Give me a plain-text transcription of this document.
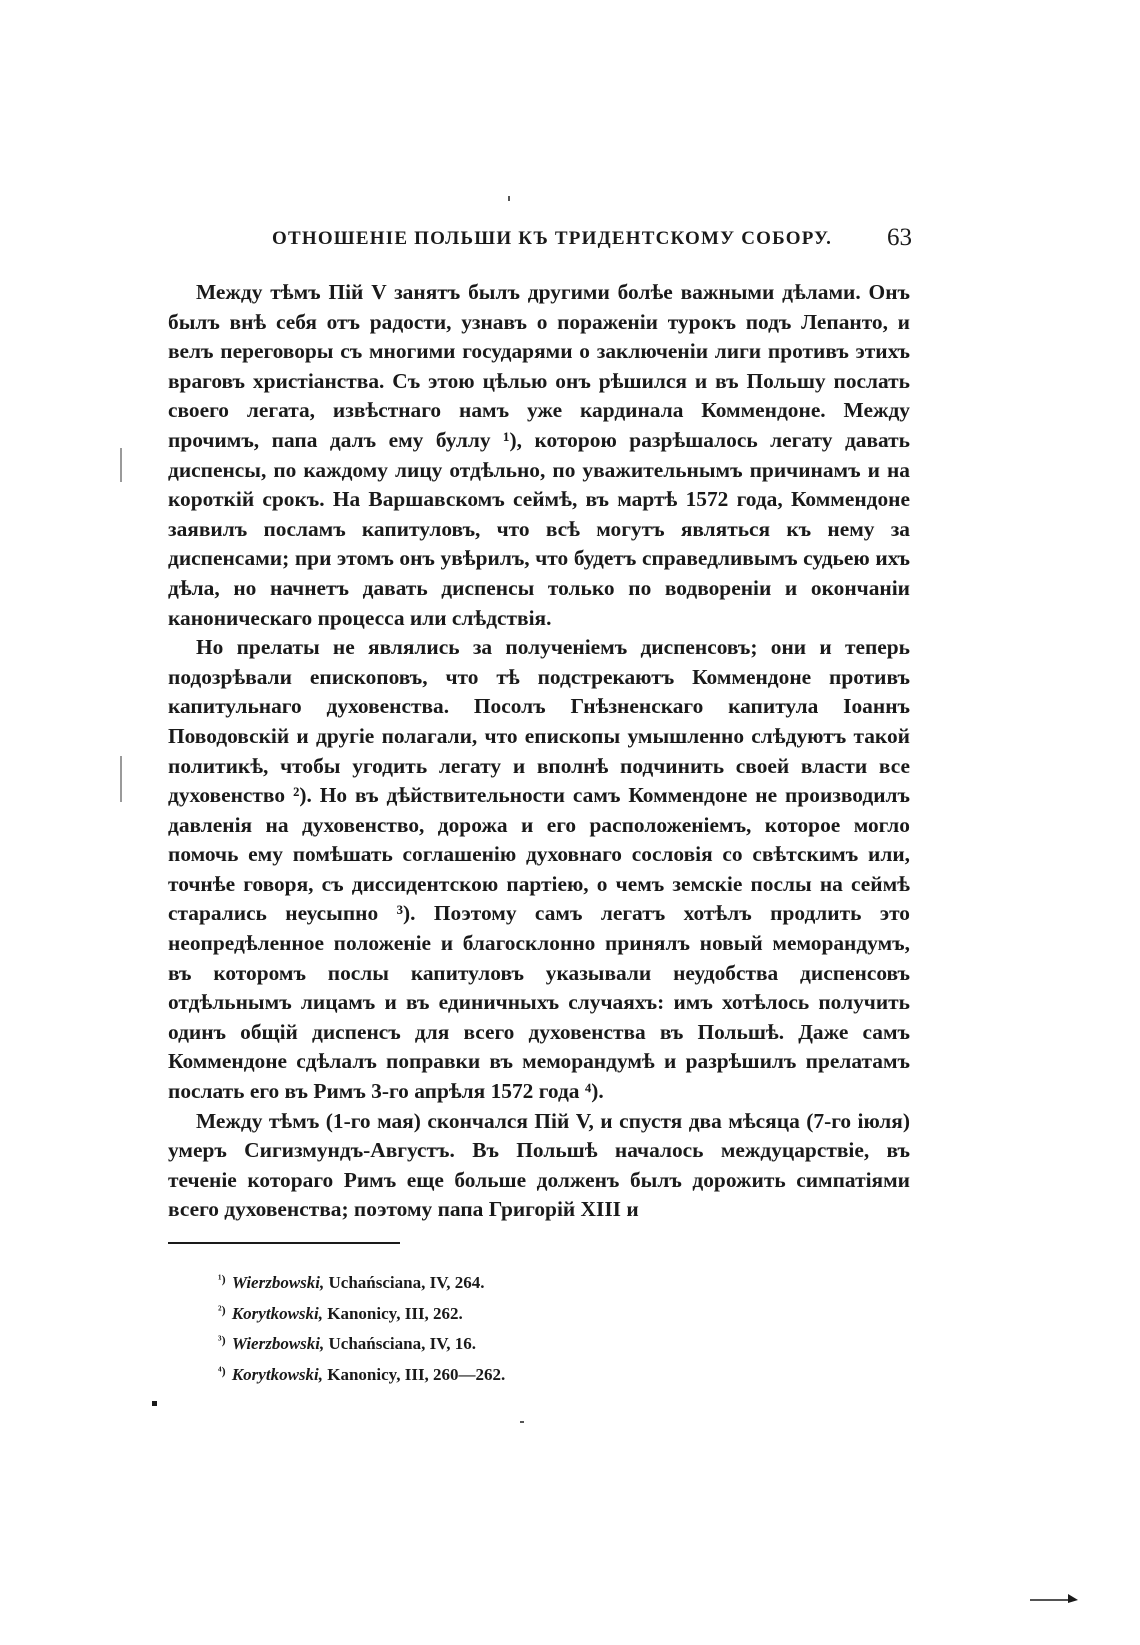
ОТНОШЕНІЕ ПОЛЬШИ КЪ ТРИДЕНТСКОМУ СОБОРУ. 63

Между тѣмъ Пій V занятъ былъ другими болѣе важными дѣлами. Онъ былъ внѣ себя отъ радости, узнавъ о пораженіи турокъ подъ Лепанто, и велъ переговоры съ многими государями о заключеніи лиги противъ этихъ враговъ христіанства. Съ этою цѣлью онъ рѣшился и въ Польшу послать своего легата, извѣстнаго намъ уже кардинала Коммендоне. Между прочимъ, папа далъ ему буллу ¹), которою разрѣшалось легату давать диспенсы, по каждому лицу отдѣльно, по уважительнымъ причинамъ и на короткій срокъ. На Варшавскомъ сеймѣ, въ мартѣ 1572 года, Коммендоне заявилъ посламъ капитуловъ, что всѣ могутъ являться къ нему за диспенсами; при этомъ онъ увѣрилъ, что будетъ справедливымъ судьею ихъ дѣла, но начнетъ давать диспенсы только по водвореніи и окончаніи каноническаго процесса или слѣдствія.

Но прелаты не являлись за полученіемъ диспенсовъ; они и теперь подозрѣвали епископовъ, что тѣ подстрекаютъ Коммендоне противъ капитульнаго духовенства. Посолъ Гнѣзненскаго капитула Іоаннъ Поводовскій и другіе полагали, что епископы умышленно слѣдуютъ такой политикѣ, чтобы угодить легату и вполнѣ подчинить своей власти все духовенство ²). Но въ дѣйствительности самъ Коммендоне не производилъ давленія на духовенство, дорожа и его расположеніемъ, которое могло помочь ему помѣшать соглашенію духовнаго сословія со свѣтскимъ или, точнѣе говоря, съ диссидентскою партіею, о чемъ земскіе послы на сеймѣ старались неусыпно ³). Поэтому самъ легатъ хотѣлъ продлить это неопредѣленное положеніе и благосклонно принялъ новый меморандумъ, въ которомъ послы капитуловъ указывали неудобства диспенсовъ отдѣльнымъ лицамъ и въ единичныхъ случаяхъ: имъ хотѣлось получить одинъ общій диспенсъ для всего духовенства въ Польшѣ. Даже самъ Коммендоне сдѣлалъ поправки въ меморандумѣ и разрѣшилъ прелатамъ послать его въ Римъ 3-го апрѣля 1572 года ⁴).

Между тѣмъ (1-го мая) скончался Пій V, и спустя два мѣсяца (7-го іюля) умеръ Сигизмундъ-Августъ. Въ Польшѣ началось междуцарствіе, въ теченіе котораго Римъ еще больше долженъ былъ дорожить симпатіями всего духовенства; поэтому папа Григорій XIII и

$^{^1)}$ Wierzbowski, Uchańsciana, IV, 264.
$^{^2)}$ Korytkowski, Kanonicy, III, 262.
$^{^3)}$ Wierzbowski, Uchańsciana, IV, 16.
$^{^4)}$ Korytkowski, Kanonicy, III, 260—262.
